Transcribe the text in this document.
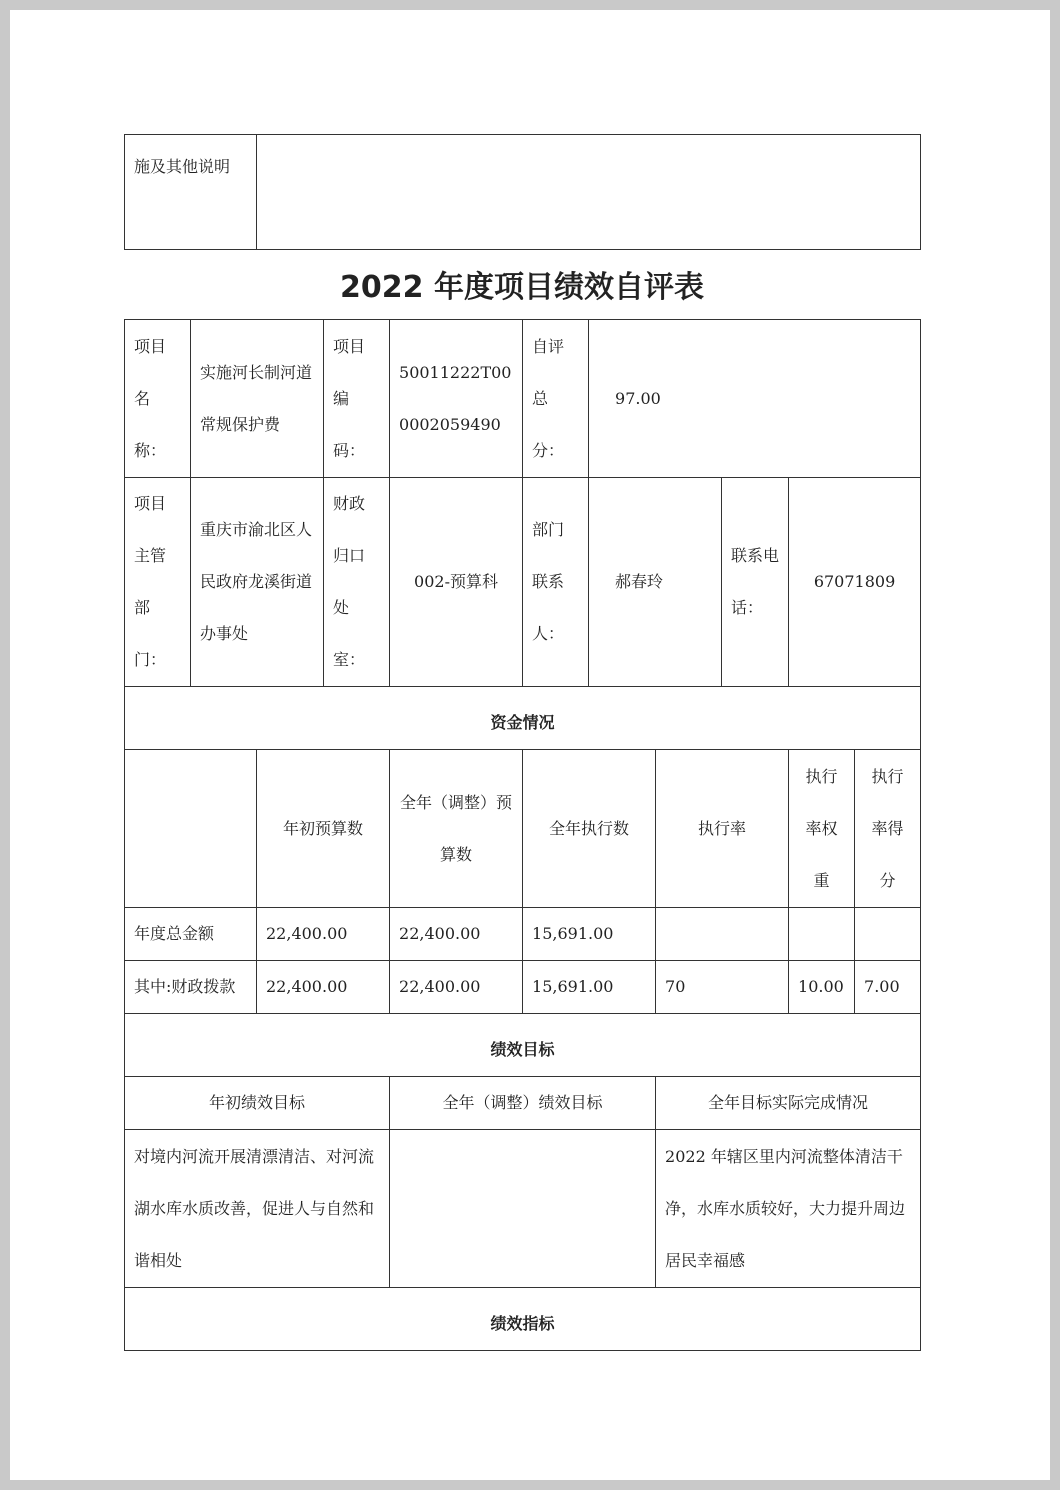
施及其他说明	
2022 年度项目绩效自评表
项目名称：	实施河长制河道常规保护费		项目编码：	50011222T000002059490	自评总分：	97.00				
项目主管部门：	重庆市渝北区人民政府龙溪街道办事处		财政归口处室：	002-预算科	部门联系人：	郝春玲		联系电话：	67071809	
资金情况										
		年初预算数		全年（调整）预算数	全年执行数		执行率		执行率权重	执行率得分
年度总金额		22,400.00		22,400.00	15,691.00					
其中:财政拨款		22,400.00		22,400.00	15,691.00		70		10.00	7.00
绩效目标										
年初绩效目标				全年（调整）绩效目标			全年目标实际完成情况			
对境内河流开展清漂清洁、对河流湖水库水质改善，促进人与自然和谐相处							2022 年辖区里内河流整体清洁干净，水库水质较好，大力提升周边居民幸福感			
绩效指标										
